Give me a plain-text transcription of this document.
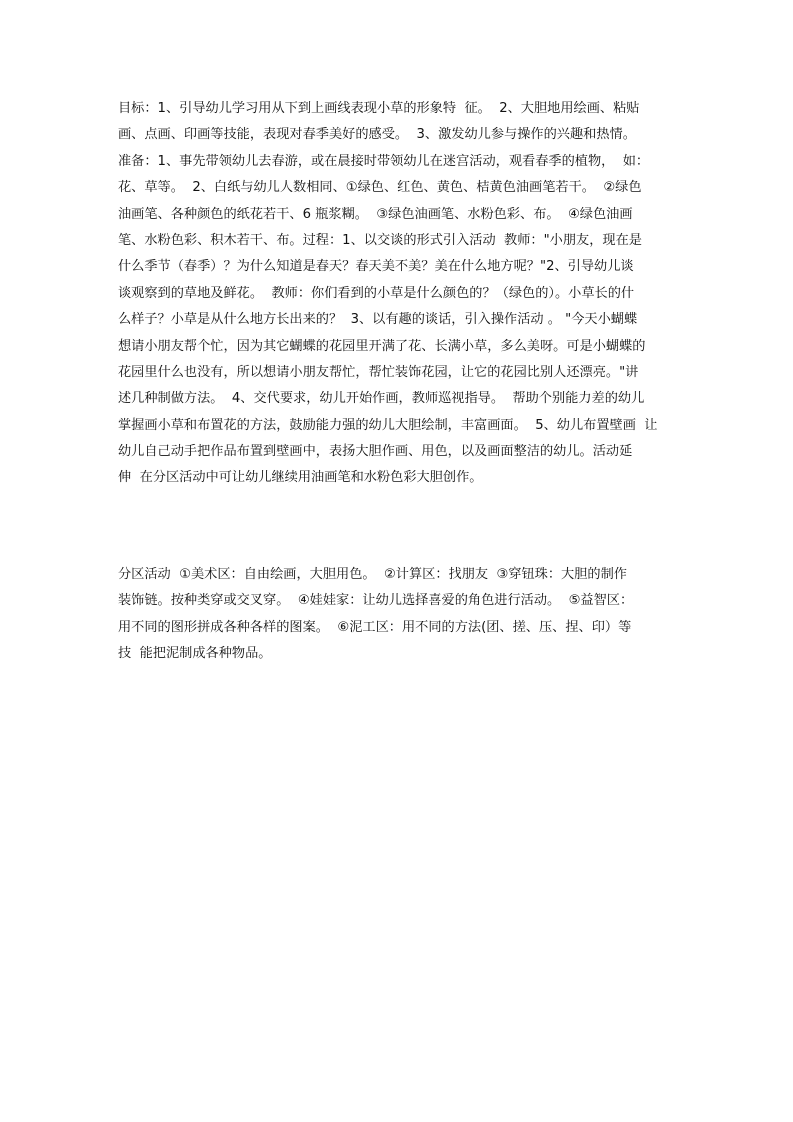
目标：1、引导幼儿学习用从下到上画线表现小草的形象特  征。  2、大胆地用绘画、粘贴
画、点画、印画等技能，表现对春季美好的感受。  3、激发幼儿参与操作的兴趣和热情。
准备：1、事先带领幼儿去春游，或在晨接时带领幼儿在迷宫活动，观看春季的植物，  如：
花、草等。  2、白纸与幼儿人数相同、①绿色、红色、黄色、桔黄色油画笔若干。  ②绿色
油画笔、各种颜色的纸花若干、6 瓶浆糊。  ③绿色油画笔、水粉色彩、布。  ④绿色油画
笔、水粉色彩、积木若干、布。过程：1、以交谈的形式引入活动  教师："小朋友，现在是
什么季节（春季）？为什么知道是春天？春天美不美？美在什么地方呢？"2、引导幼儿谈
谈观察到的草地及鲜花。  教师：你们看到的小草是什么颜色的？（绿色的）。小草长的什
么样子？小草是从什么地方长出来的？  3、以有趣的谈话，引入操作活动 。 "今天小蝴蝶
想请小朋友帮个忙，因为其它蝴蝶的花园里开满了花、长满小草，多么美呀。可是小蝴蝶的
花园里什么也没有，所以想请小朋友帮忙，帮忙装饰花园，让它的花园比别人还漂亮。"讲
述几种制做方法。  4、交代要求，幼儿开始作画，教师巡视指导。  帮助个别能力差的幼儿
掌握画小草和布置花的方法，鼓励能力强的幼儿大胆绘制，丰富画面。  5、幼儿布置壁画  让
幼儿自己动手把作品布置到壁画中，表扬大胆作画、用色，以及画面整洁的幼儿。活动延
伸  在分区活动中可让幼儿继续用油画笔和水粉色彩大胆创作。
分区活动  ①美术区：自由绘画，大胆用色。  ②计算区：找朋友  ③穿钮珠：大胆的制作
装饰链。按种类穿或交叉穿。  ④娃娃家：让幼儿选择喜爱的角色进行活动。  ⑤益智区：
用不同的图形拼成各种各样的图案。  ⑥泥工区：用不同的方法(团、搓、压、捏、印）等
技  能把泥制成各种物品。
